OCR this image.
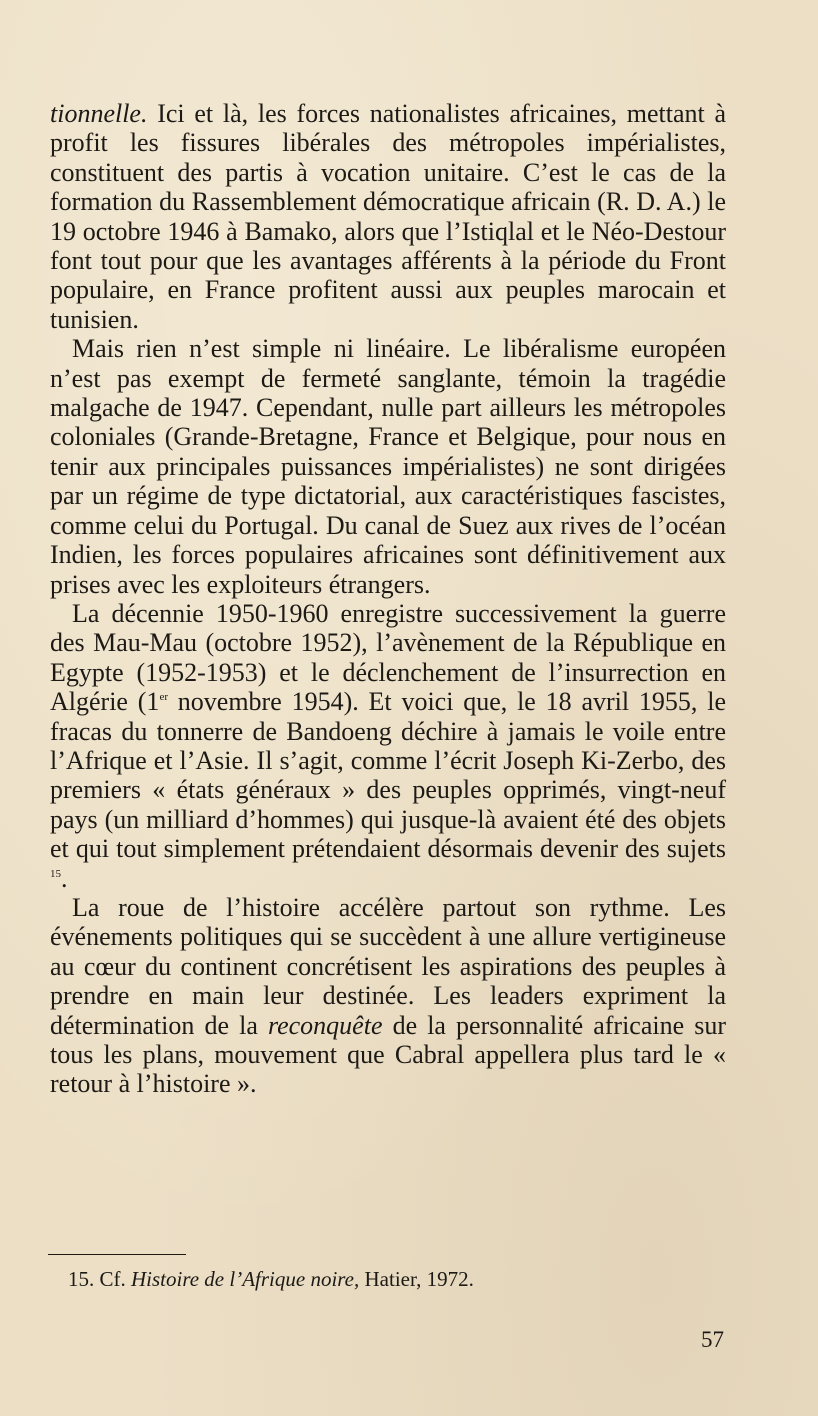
tionnelle. Ici et là, les forces nationalistes africaines, mettant à profit les fissures libérales des métropoles impérialistes, constituent des partis à vocation unitaire. C’est le cas de la formation du Rassemblement démocratique africain (R. D. A.) le 19 octobre 1946 à Bamako, alors que l’Istiqlal et le Néo-Destour font tout pour que les avantages afférents à la période du Front populaire, en France profitent aussi aux peuples marocain et tunisien.

Mais rien n’est simple ni linéaire. Le libéralisme européen n’est pas exempt de fermeté sanglante, témoin la tragédie malgache de 1947. Cependant, nulle part ailleurs les métropoles coloniales (Grande-Bretagne, France et Belgique, pour nous en tenir aux principales puissances impérialistes) ne sont dirigées par un régime de type dictatorial, aux caractéristiques fascistes, comme celui du Portugal. Du canal de Suez aux rives de l’océan Indien, les forces populaires africaines sont définitivement aux prises avec les exploiteurs étrangers.

La décennie 1950-1960 enregistre successivement la guerre des Mau-Mau (octobre 1952), l’avènement de la République en Egypte (1952-1953) et le déclenchement de l’insurrection en Algérie (1er novembre 1954). Et voici que, le 18 avril 1955, le fracas du tonnerre de Bandoeng déchire à jamais le voile entre l’Afrique et l’Asie. Il s’agit, comme l’écrit Joseph Ki-Zerbo, des premiers « états généraux » des peuples opprimés, vingt-neuf pays (un milliard d’hommes) qui jusque-là avaient été des objets et qui tout simplement prétendaient désormais devenir des sujets $^{15}$.

La roue de l’histoire accélère partout son rythme. Les événements politiques qui se succèdent à une allure vertigineuse au cœur du continent concrétisent les aspirations des peuples à prendre en main leur destinée. Les leaders expriment la détermination de la reconquête de la personnalité africaine sur tous les plans, mouvement que Cabral appellera plus tard le « retour à l’histoire ».

15. Cf. Histoire de l’Afrique noire, Hatier, 1972.
57
